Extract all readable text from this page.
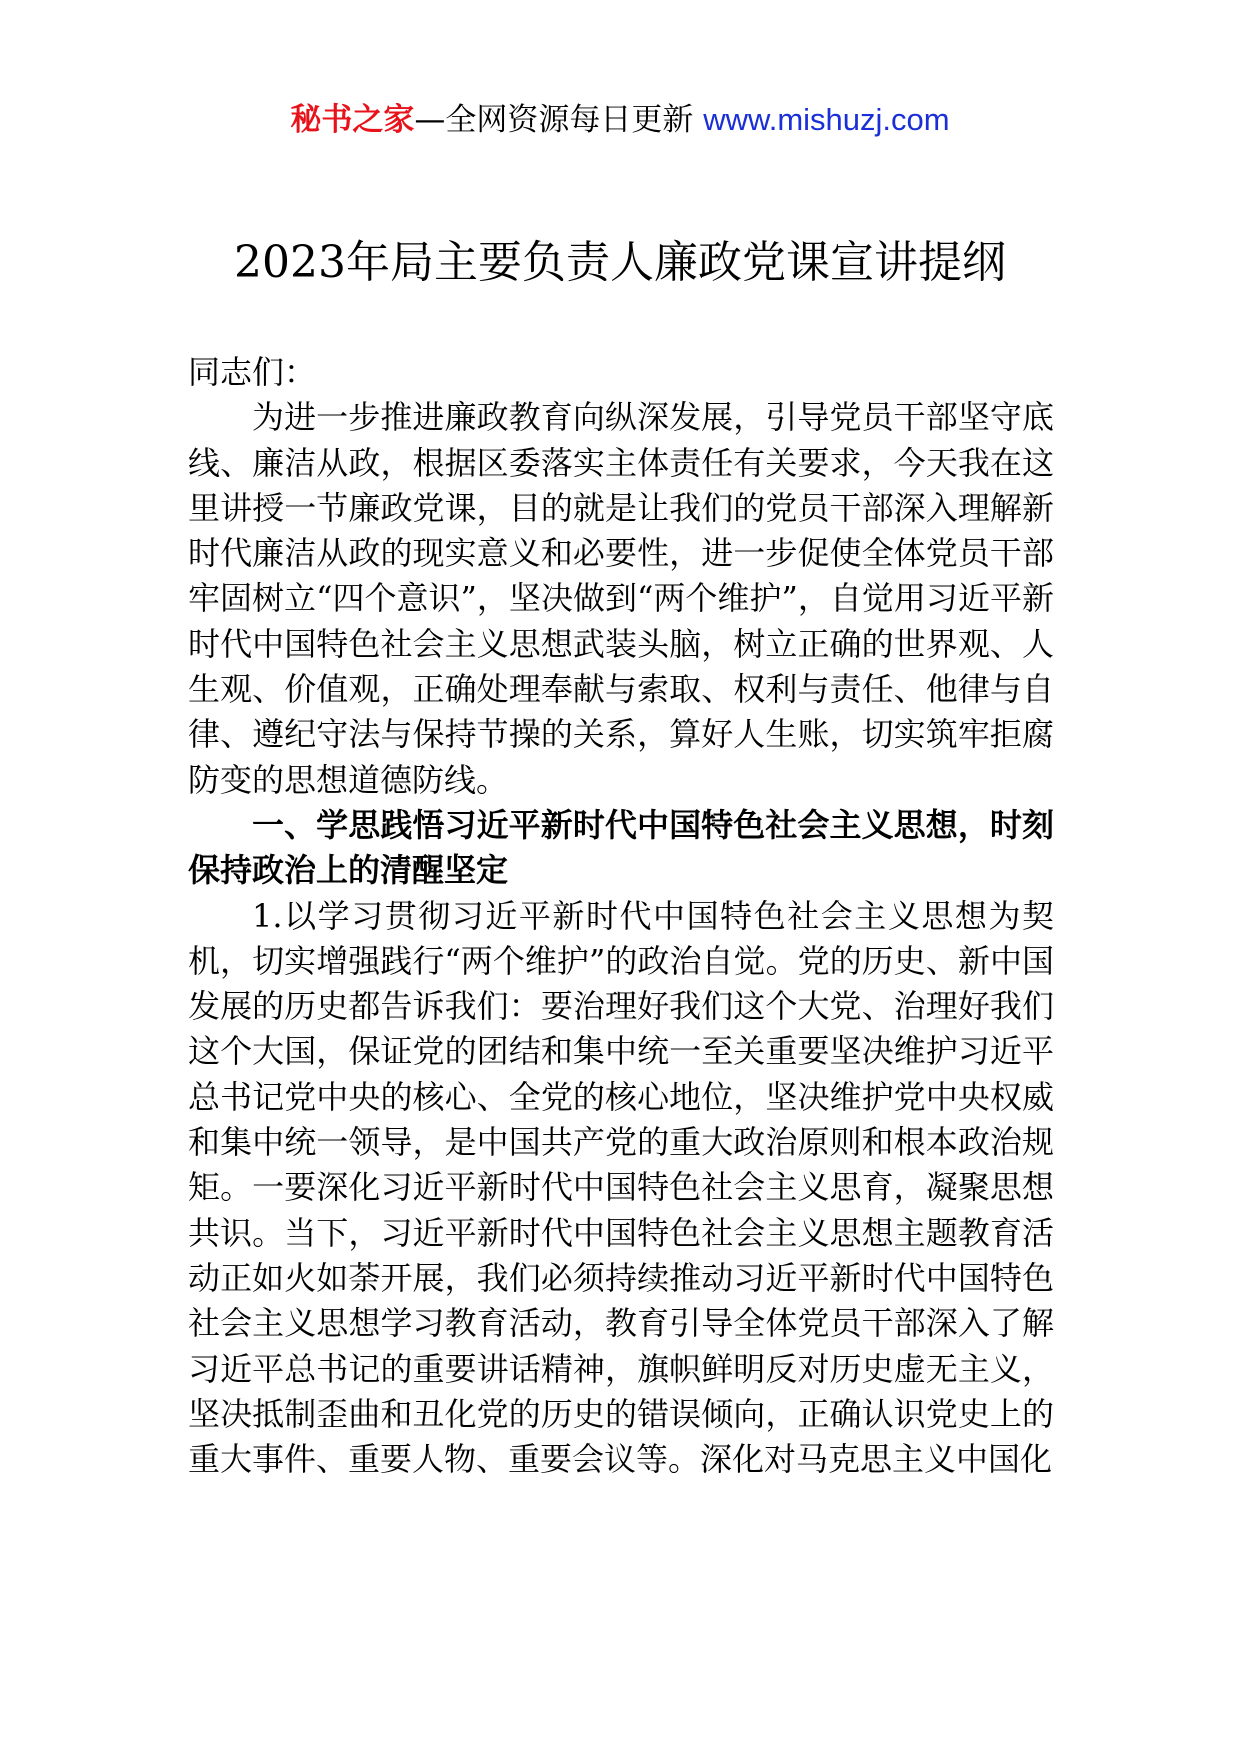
秘书之家—全网资源每日更新 www.mishuzj.com
2023年局主要负责人廉政党课宣讲提纲

同志们：

为进一步推进廉政教育向纵深发展，引导党员干部坚守底线、廉洁从政，根据区委落实主体责任有关要求，今天我在这里讲授一节廉政党课，目的就是让我们的党员干部深入理解新时代廉洁从政的现实意义和必要性，进一步促使全体党员干部牢固树立“四个意识”，坚决做到“两个维护”，自觉用习近平新时代中国特色社会主义思想武装头脑，树立正确的世界观、人生观、价值观，正确处理奉献与索取、权利与责任、他律与自律、遵纪守法与保持节操的关系，算好人生账，切实筑牢拒腐防变的思想道德防线。

一、学思践悟习近平新时代中国特色社会主义思想，时刻保持政治上的清醒坚定

1.以学习贯彻习近平新时代中国特色社会主义思想为契机，切实增强践行“两个维护”的政治自觉。党的历史、新中国发展的历史都告诉我们：要治理好我们这个大党、治理好我们这个大国，保证党的团结和集中统一至关重要坚决维护习近平总书记党中央的核心、全党的核心地位，坚决维护党中央权威和集中统一领导，是中国共产党的重大政治原则和根本政治规矩。一要深化习近平新时代中国特色社会主义思育，凝聚思想共识。当下，习近平新时代中国特色社会主义思想主题教育活动正如火如荼开展，我们必须持续推动习近平新时代中国特色社会主义思想学习教育活动，教育引导全体党员干部深入了解习近平总书记的重要讲话精神，旗帜鲜明反对历史虚无主义，坚决抵制歪曲和丑化党的历史的错误倾向，正确认识党史上的重大事件、重要人物、重要会议等。深化对马克思主义中国化
